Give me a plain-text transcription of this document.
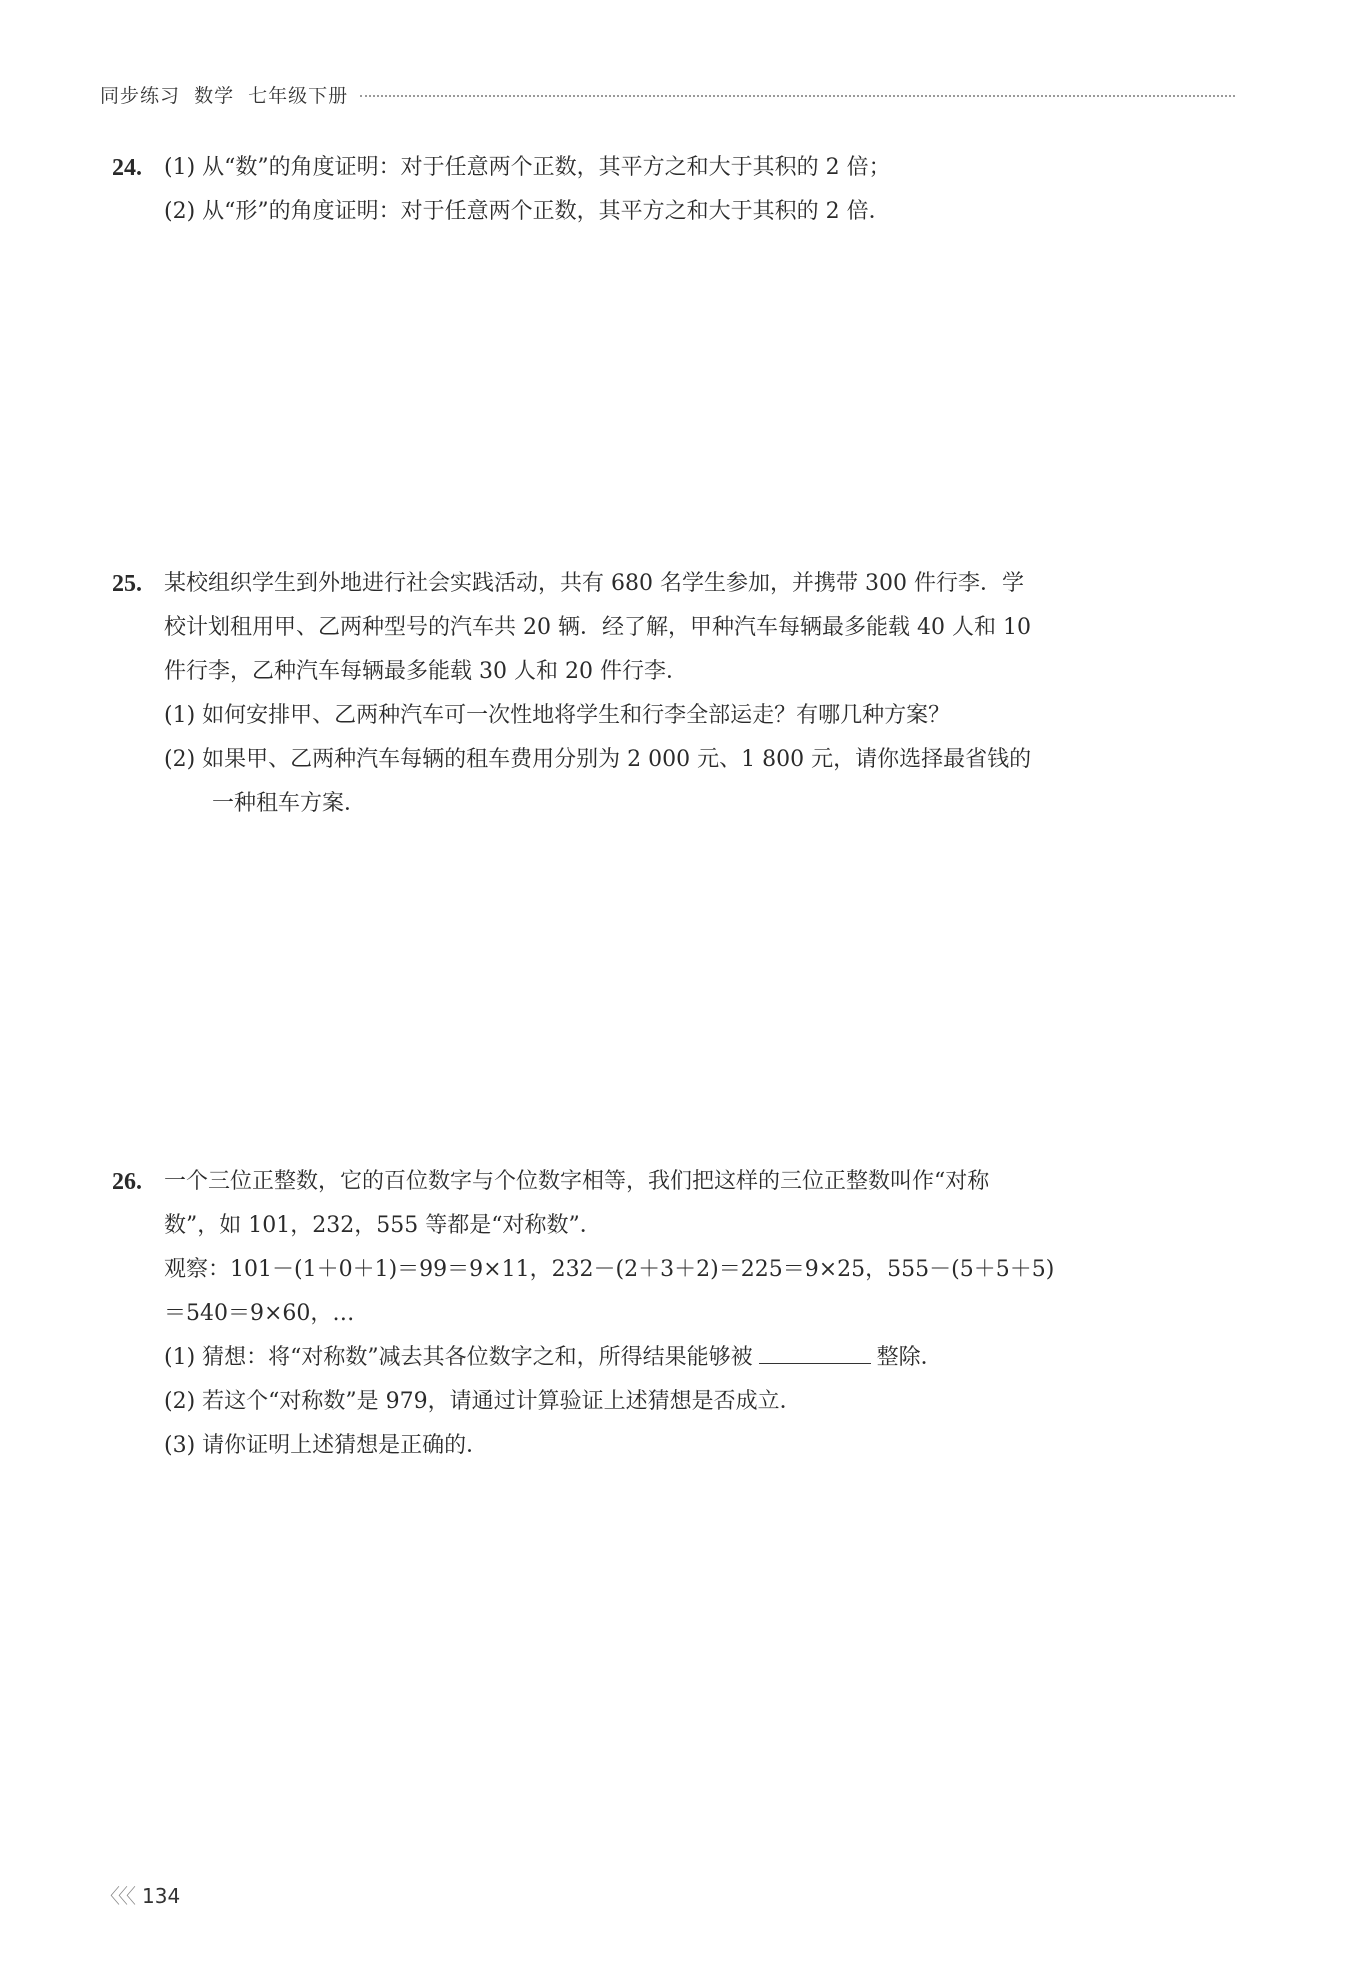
同步练习  数学  七年级下册
24.	(1) 从“数”的角度证明：对于任意两个正数，其平方之和大于其积的 2 倍；
(2) 从“形”的角度证明：对于任意两个正数，其平方之和大于其积的 2 倍．
25.	某校组织学生到外地进行社会实践活动，共有 680 名学生参加，并携带 300 件行李．学
校计划租用甲、乙两种型号的汽车共 20 辆．经了解，甲种汽车每辆最多能载 40 人和 10
件行李，乙种汽车每辆最多能载 30 人和 20 件行李．
(1) 如何安排甲、乙两种汽车可一次性地将学生和行李全部运走？有哪几种方案？
(2) 如果甲、乙两种汽车每辆的租车费用分别为 2 000 元、1 800 元，请你选择最省钱的
一种租车方案．
26.	一个三位正整数，它的百位数字与个位数字相等，我们把这样的三位正整数叫作“对称
数”，如 101，232，555 等都是“对称数”．
观察：101－(1＋0＋1)＝99＝9×11，232－(2＋3＋2)＝225＝9×25，555－(5＋5＋5)
＝540＝9×60，…
(1) 猜想：将“对称数”减去其各位数字之和，所得结果能够被	整除．
(2) 若这个“对称数”是 979，请通过计算验证上述猜想是否成立．
(3) 请你证明上述猜想是正确的．
〈〈〈 134
